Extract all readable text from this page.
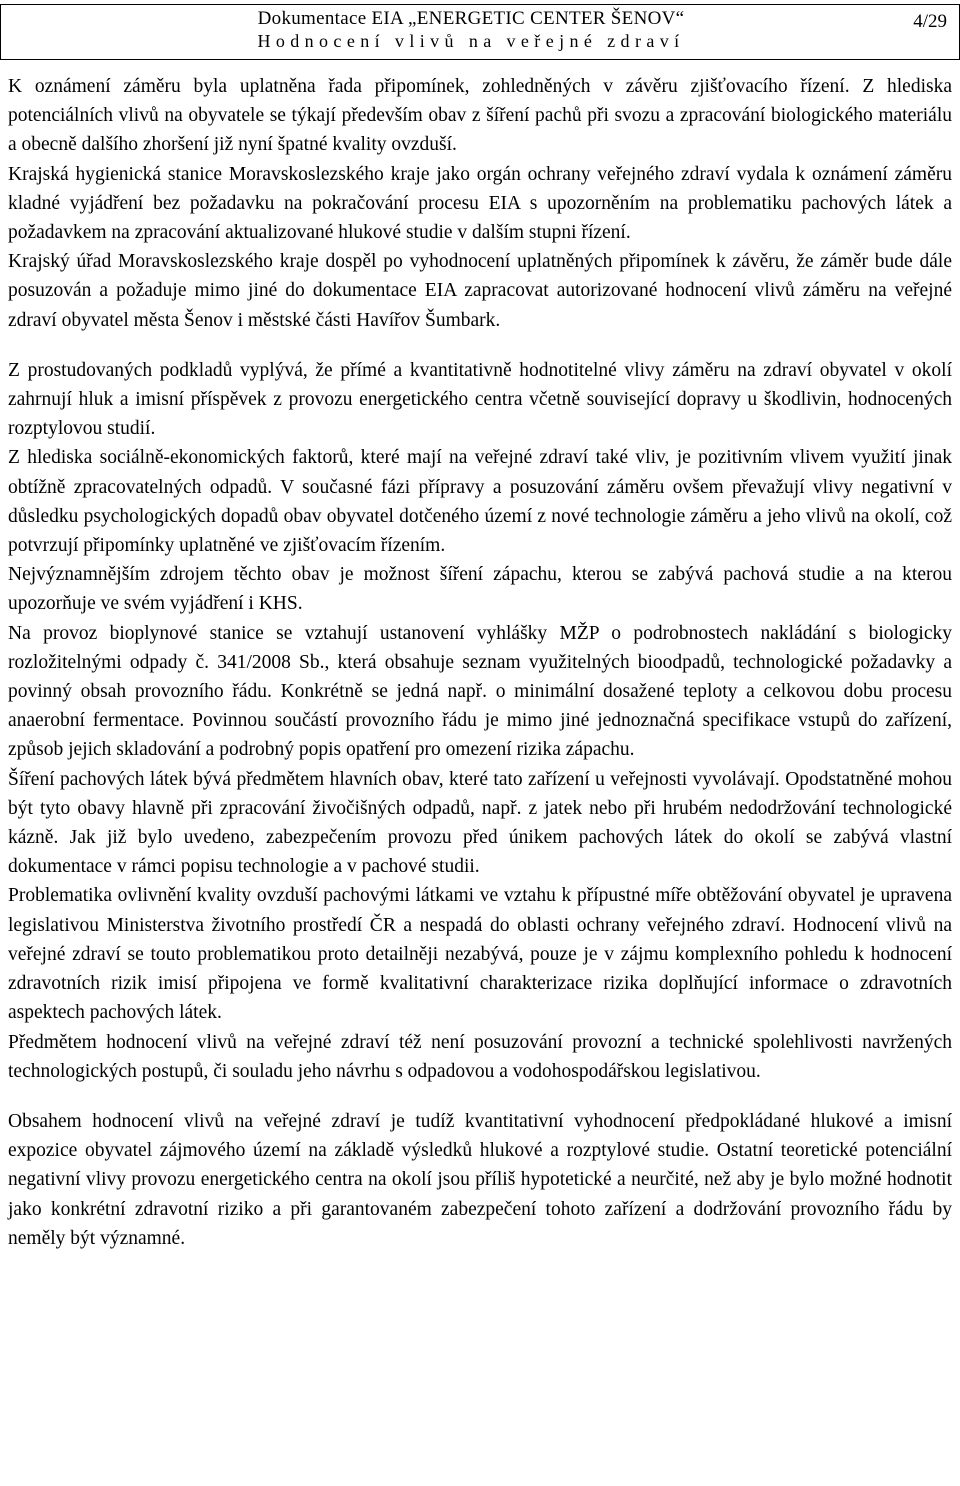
Dokumentace EIA „ENERGETIC CENTER ŠENOV“
Hodnocení vlivů na veřejné zdraví
4/29

K oznámení záměru byla uplatněna řada připomínek, zohledněných v závěru zjišťovacího řízení. Z hlediska potenciálních vlivů na obyvatele se týkají především obav z šíření pachů při svozu a zpracování biologického materiálu a obecně dalšího zhoršení již nyní špatné kvality ovzduší.

Krajská hygienická stanice Moravskoslezského kraje jako orgán ochrany veřejného zdraví vydala k oznámení záměru kladné vyjádření bez požadavku na pokračování procesu EIA s upozorněním na problematiku pachových látek a požadavkem na zpracování aktualizované hlukové studie v dalším stupni řízení.

Krajský úřad Moravskoslezského kraje dospěl po vyhodnocení uplatněných připomínek k závěru, že záměr bude dále posuzován a požaduje mimo jiné do dokumentace EIA zapracovat autorizované hodnocení vlivů záměru na veřejné zdraví obyvatel města Šenov i městské části Havířov Šumbark.

Z prostudovaných podkladů vyplývá, že přímé a kvantitativně hodnotitelné vlivy záměru na zdraví obyvatel v okolí zahrnují hluk a imisní příspěvek z provozu energetického centra včetně související dopravy u škodlivin, hodnocených rozptylovou studií.

Z hlediska sociálně-ekonomických faktorů, které mají na veřejné zdraví také vliv, je pozitivním vlivem využití jinak obtížně zpracovatelných odpadů. V současné fázi přípravy a posuzování záměru ovšem převažují vlivy negativní v důsledku psychologických dopadů obav obyvatel dotčeného území z nové technologie záměru a jeho vlivů na okolí, což potvrzují připomínky uplatněné ve zjišťovacím řízením.

Nejvýznamnějším zdrojem těchto obav je možnost šíření zápachu, kterou se zabývá pachová studie a na kterou upozorňuje ve svém vyjádření i KHS.

Na provoz bioplynové stanice se vztahují ustanovení vyhlášky MŽP o podrobnostech nakládání s biologicky rozložitelnými odpady č. 341/2008 Sb., která obsahuje seznam využitelných bioodpadů, technologické požadavky a povinný obsah provozního řádu. Konkrétně se jedná např. o minimální dosažené teploty a celkovou dobu procesu anaerobní fermentace. Povinnou součástí provozního řádu je mimo jiné jednoznačná specifikace vstupů do zařízení, způsob jejich skladování a podrobný popis opatření pro omezení rizika zápachu.

Šíření pachových látek bývá předmětem hlavních obav, které tato zařízení u veřejnosti vyvolávají. Opodstatněné mohou být tyto obavy hlavně při zpracování živočišných odpadů, např. z jatek nebo při hrubém nedodržování technologické kázně. Jak již bylo uvedeno, zabezpečením provozu před únikem pachových látek do okolí se zabývá vlastní dokumentace v rámci popisu technologie a v pachové studii.

Problematika ovlivnění kvality ovzduší pachovými látkami ve vztahu k přípustné míře obtěžování obyvatel je upravena legislativou Ministerstva životního prostředí ČR a nespadá do oblasti ochrany veřejného zdraví. Hodnocení vlivů na veřejné zdraví se touto problematikou proto detailněji nezabývá, pouze je v zájmu komplexního pohledu k hodnocení zdravotních rizik imisí připojena ve formě kvalitativní charakterizace rizika doplňující informace o zdravotních aspektech pachových látek.

Předmětem hodnocení vlivů na veřejné zdraví též není posuzování provozní a technické spolehlivosti navržených technologických postupů, či souladu jeho návrhu s odpadovou a vodohospodářskou legislativou.

Obsahem hodnocení vlivů na veřejné zdraví je tudíž kvantitativní vyhodnocení předpokládané hlukové a imisní expozice obyvatel zájmového území na základě výsledků hlukové a rozptylové studie. Ostatní teoretické potenciální negativní vlivy provozu energetického centra na okolí jsou příliš hypotetické a neurčité, než aby je bylo možné hodnotit jako konkrétní zdravotní riziko a při garantovaném zabezpečení tohoto zařízení a dodržování provozního řádu by neměly být významné.
